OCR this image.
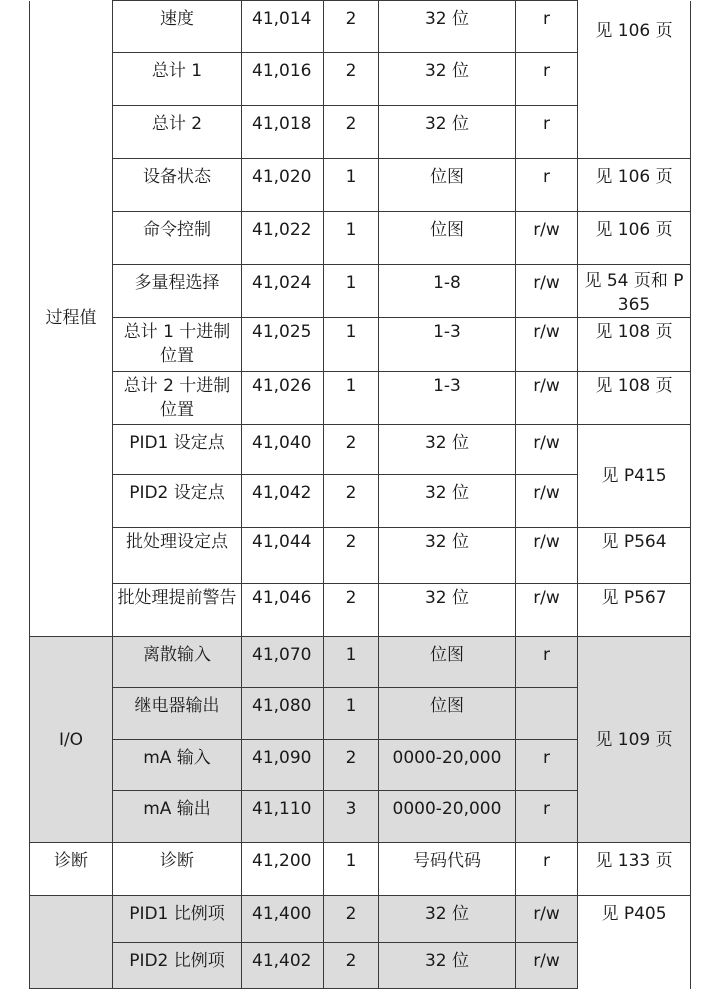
过程值	速度	41,014	2	32 位	r	见 106 页
	总计 1	41,016	2	32 位	r	
	总计 2	41,018	2	32 位	r	
	设备状态	41,020	1	位图	r	见 106 页
	命令控制	41,022	1	位图	r/w	见 106 页
	多量程选择	41,024	1	1-8	r/w	见 54 页和 P365
	总计 1 十进制位置	41,025	1	1-3	r/w	见 108 页
	总计 2 十进制位置	41,026	1	1-3	r/w	见 108 页
	PID1 设定点	41,040	2	32 位	r/w	见 P415
	PID2 设定点	41,042	2	32 位	r/w	
	批处理设定点	41,044	2	32 位	r/w	见 P564
	批处理提前警告	41,046	2	32 位	r/w	见 P567
I/O	离散输入	41,070	1	位图	r	见 109 页
	继电器输出	41,080	1	位图		
	mA 输入	41,090	2	0000-20,000	r	
	mA 输出	41,110	3	0000-20,000	r	
诊断	诊断	41,200	1	号码代码	r	见 133 页
	PID1 比例项	41,400	2	32 位	r/w	见 P405
	PID2 比例项	41,402	2	32 位	r/w	
